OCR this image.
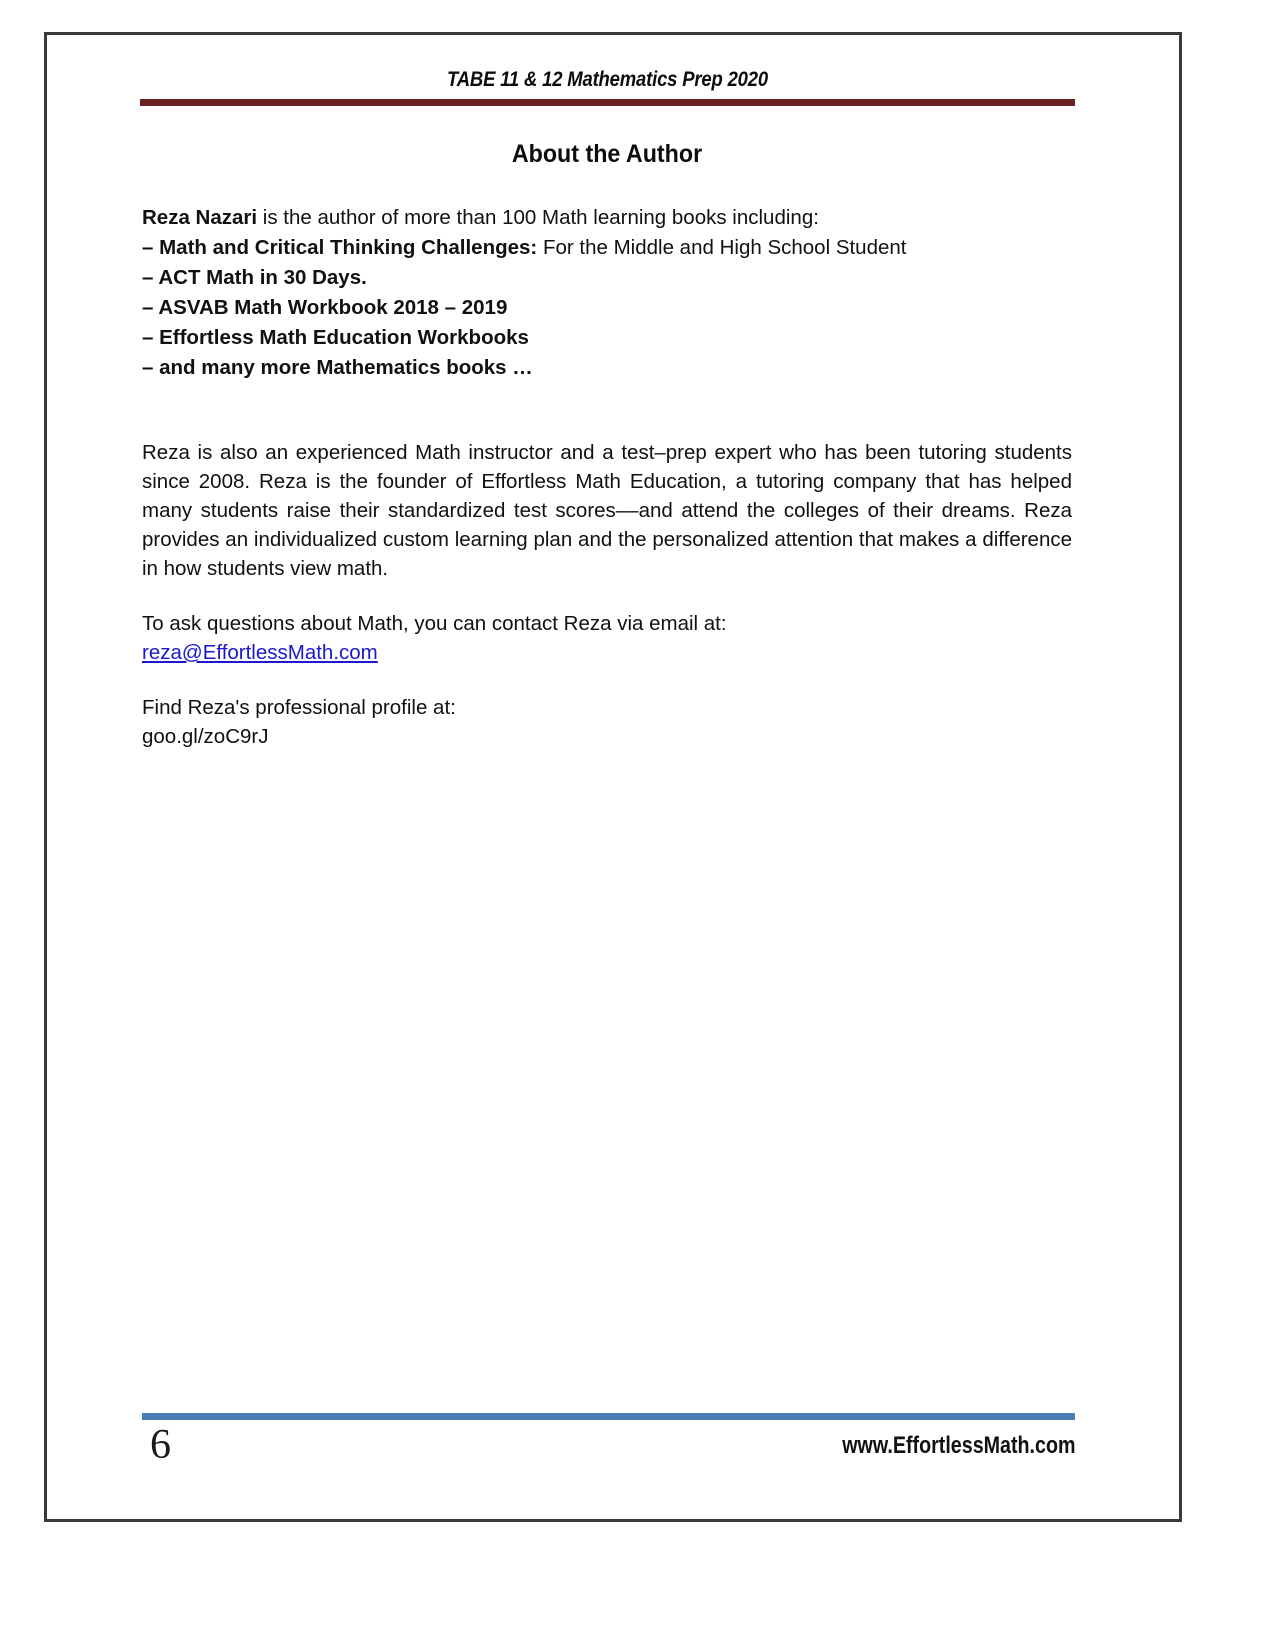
TABE 11 & 12 Mathematics Prep 2020
About the Author
Reza Nazari is the author of more than 100 Math learning books including:
– Math and Critical Thinking Challenges: For the Middle and High School Student
– ACT Math in 30 Days.
– ASVAB Math Workbook 2018 – 2019
– Effortless Math Education Workbooks
– and many more Mathematics books …

Reza is also an experienced Math instructor and a test–prep expert who has been tutoring students since 2008. Reza is the founder of Effortless Math Education, a tutoring company that has helped many students raise their standardized test scores––and attend the colleges of their dreams. Reza provides an individualized custom learning plan and the personalized attention that makes a difference in how students view math.

To ask questions about Math, you can contact Reza via email at:
reza@EffortlessMath.com
Find Reza's professional profile at:
goo.gl/zoC9rJ
6	www.EffortlessMath.com
